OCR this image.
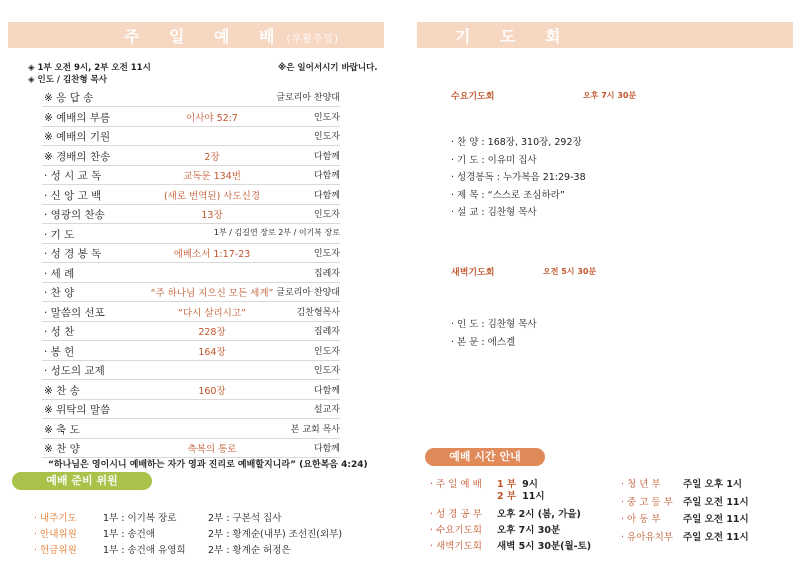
주 일 예 배(부활주일)
◈ 1부 오전 9시, 2부 오전 11시	※은 일어서시기 바랍니다.
◈ 인도 / 김찬형 목사
※ 응 답 송	글로리아 찬양대
※ 예배의 부름	이사야 52:7	인도자
※ 예배의 기원	인도자
※ 경배의 찬송	2장	다함께
· 성 시 교 독	교독문 134번	다함께
· 신 앙 고 백	(새로 번역된) 사도신경	다함께
· 영광의 찬송	13장	인도자
· 기 도	1부 / 김길연 장로 2부 / 이기복 장로
· 성 경 봉 독	에베소서 1:17-23	인도자
· 세 례	집례자
· 찬 양	“주 하나님 지으신 모든 세계” 글로리아 찬양대
· 말씀의 선포	“다시 살리시고”	김찬형목사
· 성 찬	228장	집례자
· 봉 헌	164장	인도자
· 성도의 교제	인도자
※ 찬 송	160장	다함께
※ 위탁의 말씀	설교자
※ 축 도	본 교회 목사
※ 찬 양	축복의 통로	다함께
“하나님은 영이시니 예배하는 자가 영과 진리로 예배할지니라” (요한복음 4:24)
예배 준비 위원
· 내주기도	1부 : 이기복 장로	2부 : 구본석 집사
· 안내위원	1부 : 송건애	2부 : 황계순(내부) 조선진(외부)
· 헌금위원	1부 : 송건애 유영희 2부 : 황계순 허정은
기 도 회
수요기도회	오후 7시 30분
· 찬 양 : 168장, 310장, 292장
· 기 도 : 이유미 집사
· 성경봉독 : 누가복음 21:29-38
· 제 목 : “스스로 조심하라”
· 설 교 : 김찬형 목사
새벽기도회	오전 5시 30분
· 인 도 : 김찬형 목사
· 본 문 : 에스겔
예배 시간 안내
· 주 일 예 배 1 부 9시
2 부 11시
· 성 경 공 부 오후 2시 (봄, 가을)
· 수요기도회 오후 7시 30분
· 새벽기도회 새벽 5시 30분(월-토)
· 청 년 부 주일 오후 1시
· 중 고 등 부 주일 오전 11시
· 아 동 부 주일 오전 11시
· 유아유치부 주일 오전 11시
